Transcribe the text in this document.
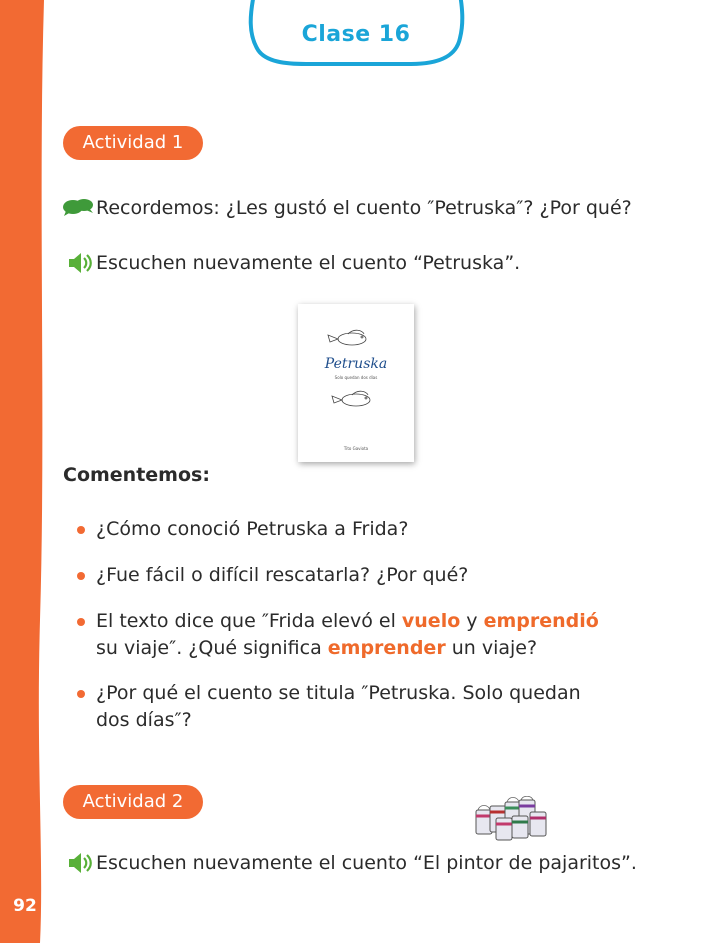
92
Clase 16
Actividad 1
Recordemos: ¿Les gustó el cuento ″Petruska″? ¿Por qué?
Escuchen nuevamente el cuento “Petruska”.
Petruska
Solo quedan dos días
Tito Gaviota
Comentemos:
¿Cómo conoció Petruska a Frida?
¿Fue fácil o difícil rescatarla? ¿Por qué?
El texto dice que ″Frida elevó el vuelo y emprendió
su viaje″. ¿Qué significa emprender un viaje?
¿Por qué el cuento se titula ″Petruska. Solo quedan
dos días″?
Actividad 2
Escuchen nuevamente el cuento “El pintor de pajaritos”.
